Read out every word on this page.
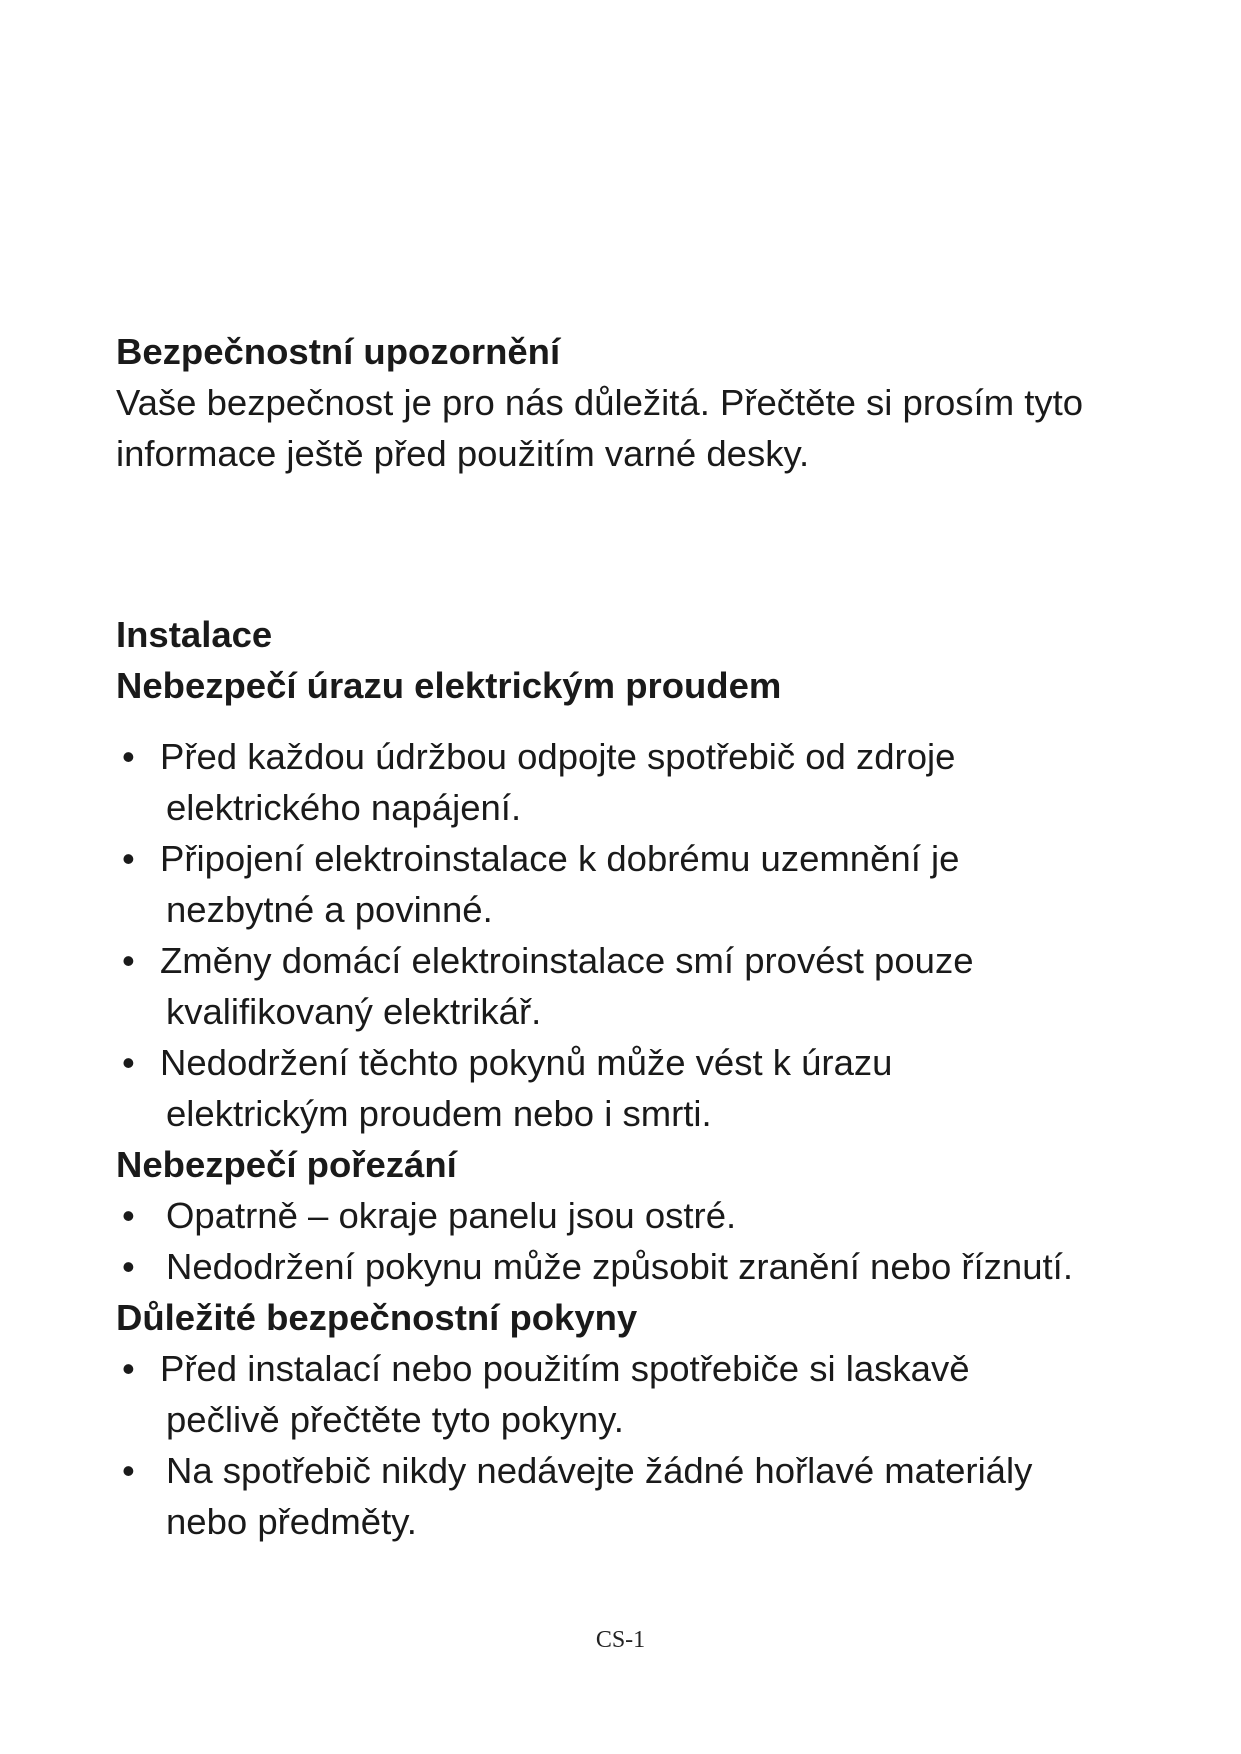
Bezpečnostní upozornění

Vaše bezpečnost je pro nás důležitá. Přečtěte si prosím tyto

informace ještě před použitím varné desky.

Instalace

Nebezpečí úrazu elektrickým proudem

• Před každou údržbou odpojte spotřebič od zdroje
elektrického napájení.
• Připojení elektroinstalace k dobrému uzemnění je
nezbytné a povinné.
• Změny domácí elektroinstalace smí provést pouze
kvalifikovaný elektrikář.
• Nedodržení těchto pokynů může vést k úrazu
elektrickým proudem nebo i smrti.

Nebezpečí pořezání

• Opatrně – okraje panelu jsou ostré.
• Nedodržení pokynu může způsobit zranění nebo říznutí.

Důležité bezpečnostní pokyny

• Před instalací nebo použitím spotřebiče si laskavě
pečlivě přečtěte tyto pokyny.
• Na spotřebič nikdy nedávejte žádné hořlavé materiály
nebo předměty.
CS-1
